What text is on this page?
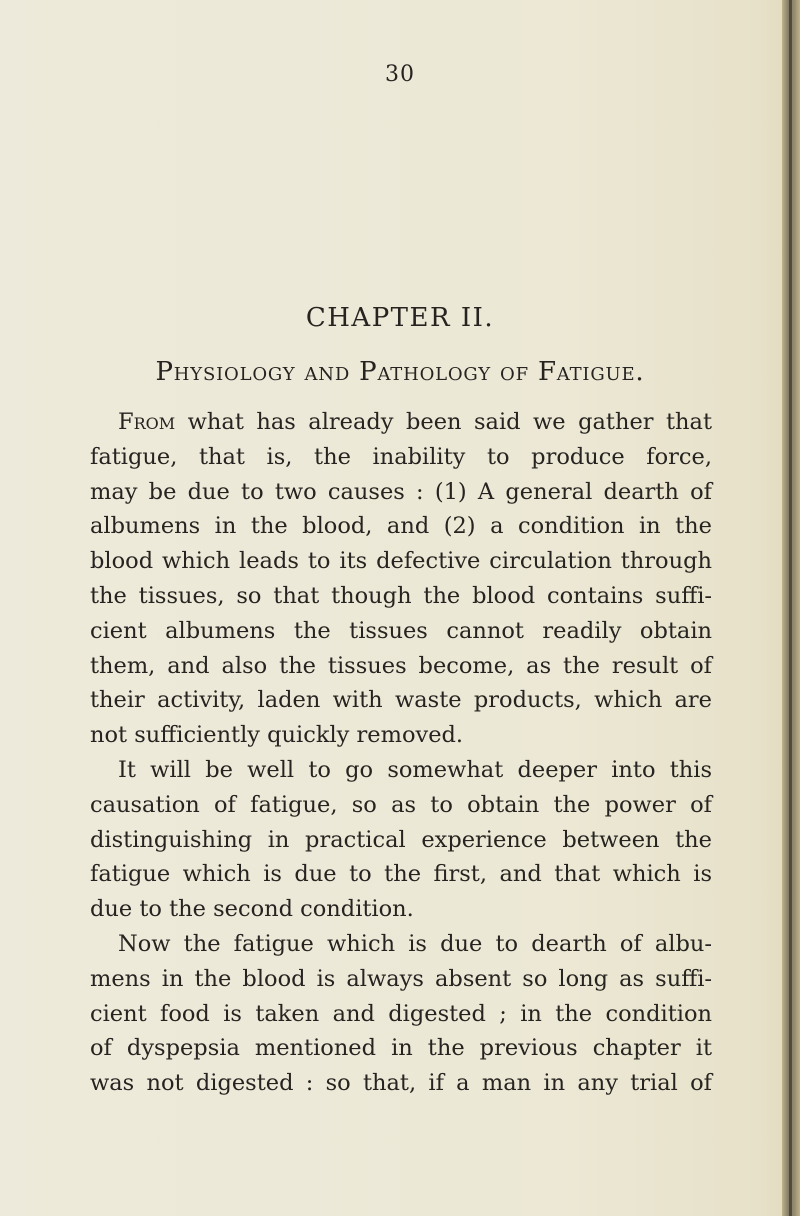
30
CHAPTER II.
Physiology and Pathology of Fatigue.
From what has already been said we gather that
fatigue, that is, the inability to produce force,
may be due to two causes : (1) A general dearth of
albumens in the blood, and (2) a condition in the
blood which leads to its defective circulation through
the tissues, so that though the blood contains suffi-
cient albumens the tissues cannot readily obtain
them, and also the tissues become, as the result of
their activity, laden with waste products, which are
not sufficiently quickly removed.
It will be well to go somewhat deeper into this
causation of fatigue, so as to obtain the power of
distinguishing in practical experience between the
fatigue which is due to the first, and that which is
due to the second condition.
Now the fatigue which is due to dearth of albu-
mens in the blood is always absent so long as suffi-
cient food is taken and digested ; in the condition
of dyspepsia mentioned in the previous chapter it
was not digested : so that, if a man in any trial of
